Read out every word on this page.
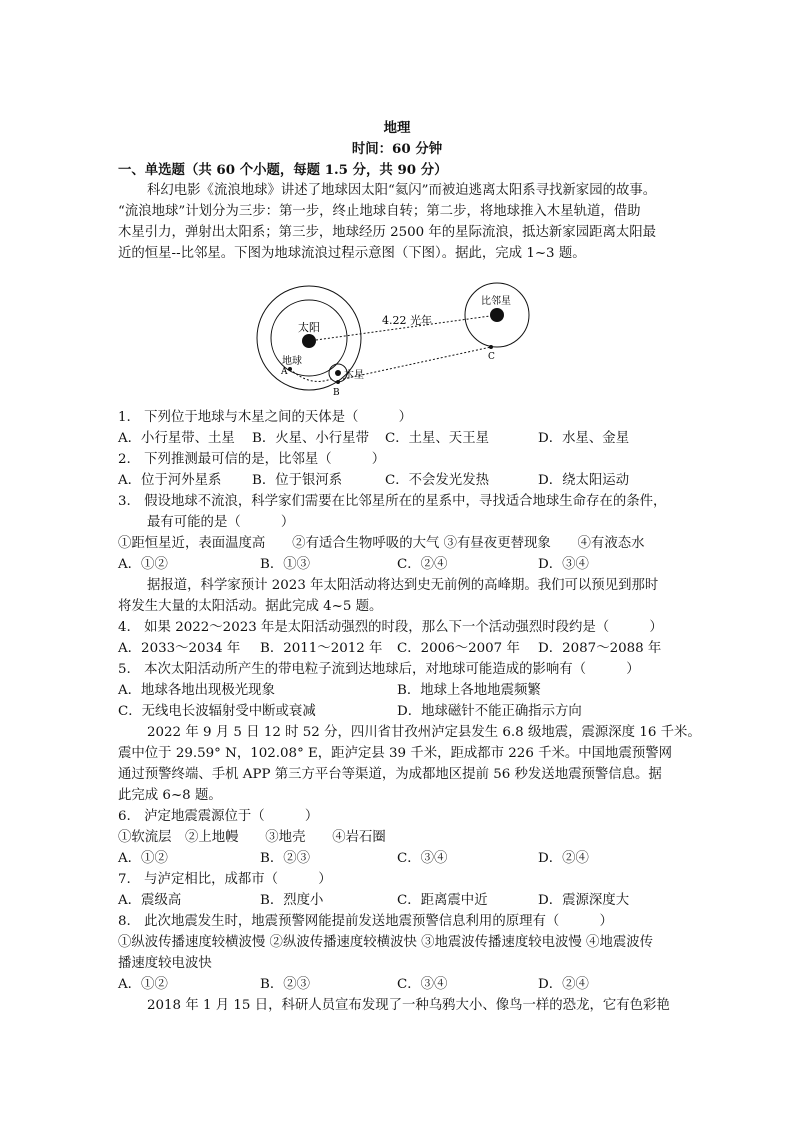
地理
时间：60 分钟
一、单选题（共 60 个小题，每题 1.5 分，共 90 分）
科幻电影《流浪地球》讲述了地球因太阳“氦闪”而被迫逃离太阳系寻找新家园的故事。
“流浪地球”计划分为三步：第一步，终止地球自转；第二步，将地球推入木星轨道，借助
木星引力，弹射出太阳系；第三步，地球经历 2500 年的星际流浪，抵达新家园距离太阳最
近的恒星--比邻星。下图为地球流浪过程示意图（下图）。据此，完成 1~3 题。
太阳
地球
木星
比邻星
4.22 光年
A
B
C
1.　下列位于地球与木星之间的天体是（　　　）
A．小行星带、土星 B．火星、小行星带 C．土星、天王星	D．水星、金星
2.　下列推测最可信的是，比邻星（　　　）
A．位于河外星系 B．位于银河系	C．不会发光发热	D．绕太阳运动
3.　假设地球不流浪，科学家们需要在比邻星所在的星系中，寻找适合地球生命存在的条件，
最有可能的是（　　　）
①距恒星近，表面温度高　　②有适合生物呼吸的大气 ③有昼夜更替现象　　④有液态水
A．①②	B．①③	C．②④	D．③④
据报道，科学家预计 2023 年太阳活动将达到史无前例的高峰期。我们可以预见到那时
将发生大量的太阳活动。据此完成 4~5 题。
4.　如果 2022～2023 年是太阳活动强烈的时段，那么下一个活动强烈时段约是（　　　）
A．2033～2034 年 B．2011～2012 年 C．2006～2007 年 D．2087～2088 年
5.　本次太阳活动所产生的带电粒子流到达地球后，对地球可能造成的影响有（　　　）
A．地球各地出现极光现象	B．地球上各地地震频繁
C．无线电长波辐射受中断或衰减	D．地球磁针不能正确指示方向
2022 年 9 月 5 日 12 时 52 分，四川省甘孜州泸定县发生 6.8 级地震，震源深度 16 千米。
震中位于 29.59° N，102.08° E，距泸定县 39 千米，距成都市 226 千米。中国地震预警网
通过预警终端、手机 APP 第三方平台等渠道，为成都地区提前 56 秒发送地震预警信息。据
此完成 6~8 题。
6.　泸定地震震源位于（　　　）
①软流层　②上地幔　　③地壳　　④岩石圈
A．①②	B．②③	C．③④	D．②④
7.　与泸定相比，成都市（　　　）
A．震级高	B．烈度小	C．距离震中近	D．震源深度大
8.　此次地震发生时，地震预警网能提前发送地震预警信息利用的原理有（　　　）
①纵波传播速度较横波慢 ②纵波传播速度较横波快 ③地震波传播速度较电波慢 ④地震波传
播速度较电波快
A．①②	B．②③	C．③④	D．②④
2018 年 1 月 15 日，科研人员宣布发现了一种乌鸦大小、像鸟一样的恐龙，它有色彩艳
